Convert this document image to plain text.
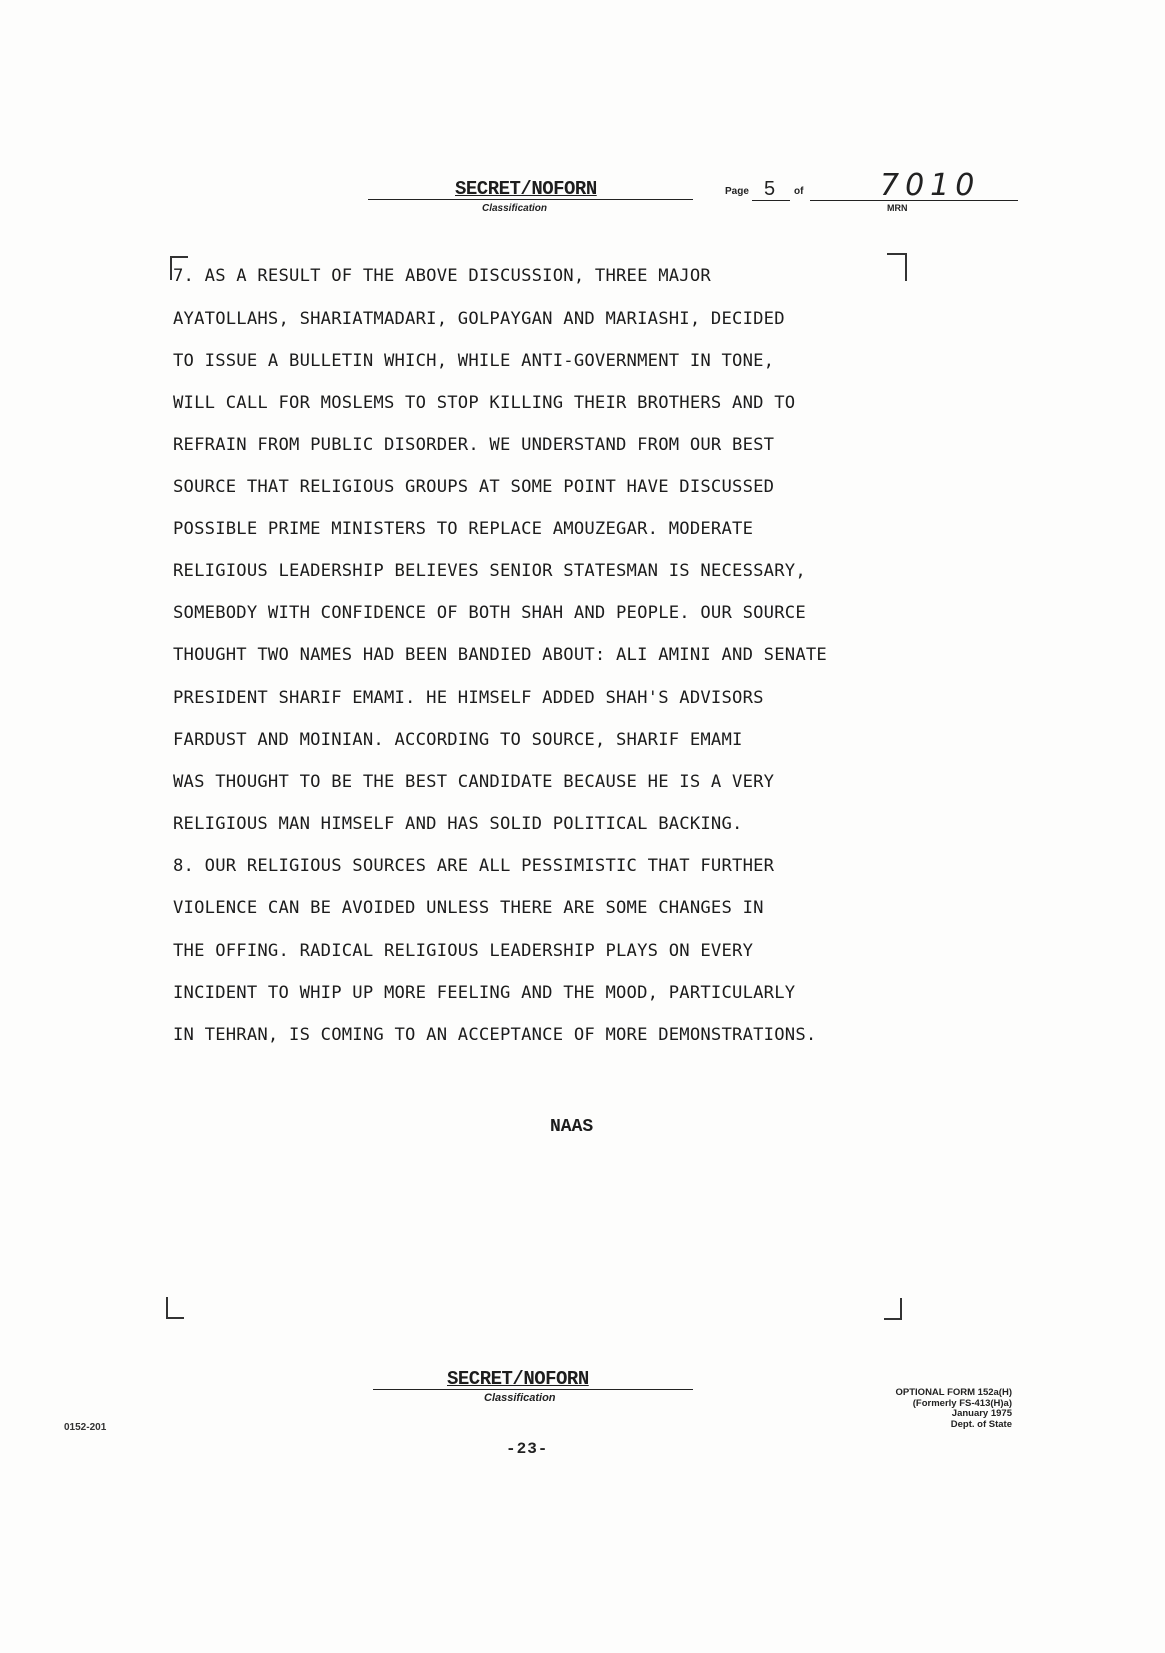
SECRET/NOFORN
Classification
Page 5 of	7010
MRN
7. AS A RESULT OF THE ABOVE DISCUSSION, THREE MAJOR
AYATOLLAHS, SHARIATMADARI, GOLPAYGAN AND MARIASHI, DECIDED
TO ISSUE A BULLETIN WHICH, WHILE ANTI-GOVERNMENT IN TONE,
WILL CALL FOR MOSLEMS TO STOP KILLING THEIR BROTHERS AND TO
REFRAIN FROM PUBLIC DISORDER. WE UNDERSTAND FROM OUR BEST
SOURCE THAT RELIGIOUS GROUPS AT SOME POINT HAVE DISCUSSED
POSSIBLE PRIME MINISTERS TO REPLACE AMOUZEGAR. MODERATE
RELIGIOUS LEADERSHIP BELIEVES SENIOR STATESMAN IS NECESSARY,
SOMEBODY WITH CONFIDENCE OF BOTH SHAH AND PEOPLE. OUR SOURCE
THOUGHT TWO NAMES HAD BEEN BANDIED ABOUT: ALI AMINI AND SENATE
PRESIDENT SHARIF EMAMI. HE HIMSELF ADDED SHAH'S ADVISORS
FARDUST AND MOINIAN. ACCORDING TO SOURCE, SHARIF EMAMI
WAS THOUGHT TO BE THE BEST CANDIDATE BECAUSE HE IS A VERY
RELIGIOUS MAN HIMSELF AND HAS SOLID POLITICAL BACKING.
8. OUR RELIGIOUS SOURCES ARE ALL PESSIMISTIC THAT FURTHER
VIOLENCE CAN BE AVOIDED UNLESS THERE ARE SOME CHANGES IN
THE OFFING. RADICAL RELIGIOUS LEADERSHIP PLAYS ON EVERY
INCIDENT TO WHIP UP MORE FEELING AND THE MOOD, PARTICULARLY
IN TEHRAN, IS COMING TO AN ACCEPTANCE OF MORE DEMONSTRATIONS.
NAAS
SECRET/NOFORN
Classification	OPTIONAL FORM 152a(H)
(Formerly FS-413(H)a)
January 1975
Dept. of State
0152-201
-23-
